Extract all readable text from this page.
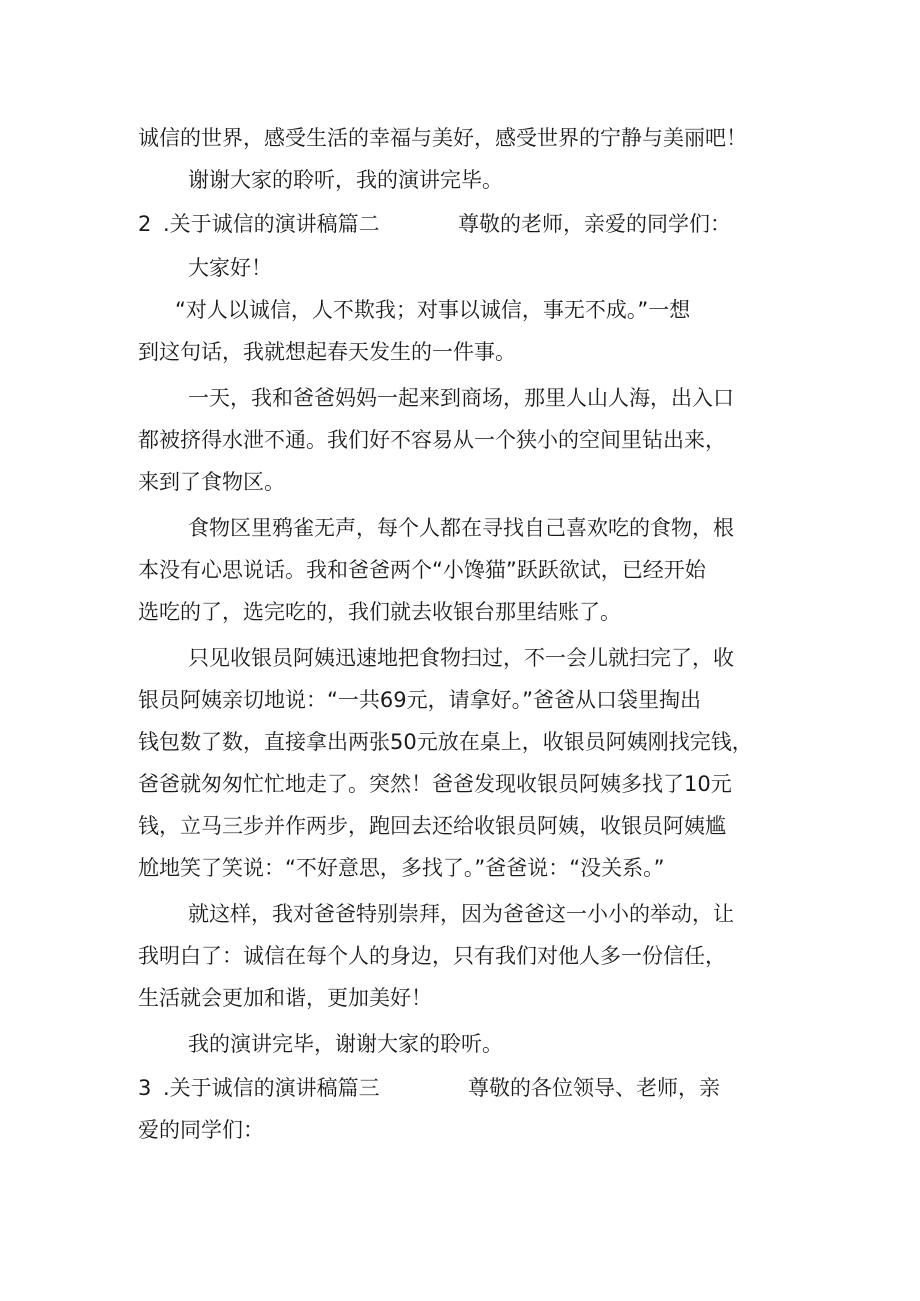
诚信的世界，感受生活的幸福与美好，感受世界的宁静与美丽吧！
谢谢大家的聆听，我的演讲完毕。
2 .关于诚信的演讲稿篇二	尊敬的老师，亲爱的同学们：
大家好！
“对人以诚信，人不欺我；对事以诚信，事无不成。”一想
到这句话，我就想起春天发生的一件事。
一天，我和爸爸妈妈一起来到商场，那里人山人海，出入口
都被挤得水泄不通。我们好不容易从一个狭小的空间里钻出来，
来到了食物区。
食物区里鸦雀无声，每个人都在寻找自己喜欢吃的食物，根
本没有心思说话。我和爸爸两个“小馋猫”跃跃欲试，已经开始
选吃的了，选完吃的，我们就去收银台那里结账了。
只见收银员阿姨迅速地把食物扫过，不一会儿就扫完了，收
银员阿姨亲切地说：“一共69元，请拿好。”爸爸从口袋里掏出
钱包数了数，直接拿出两张50元放在桌上，收银员阿姨刚找完钱，
爸爸就匆匆忙忙地走了。突然！爸爸发现收银员阿姨多找了10元
钱，立马三步并作两步，跑回去还给收银员阿姨，收银员阿姨尴
尬地笑了笑说：“不好意思，多找了。”爸爸说：“没关系。”
就这样，我对爸爸特别崇拜，因为爸爸这一小小的举动，让
我明白了：诚信在每个人的身边，只有我们对他人多一份信任，
生活就会更加和谐，更加美好！
我的演讲完毕，谢谢大家的聆听。
3 .关于诚信的演讲稿篇三	尊敬的各位领导、老师，亲
爱的同学们：
